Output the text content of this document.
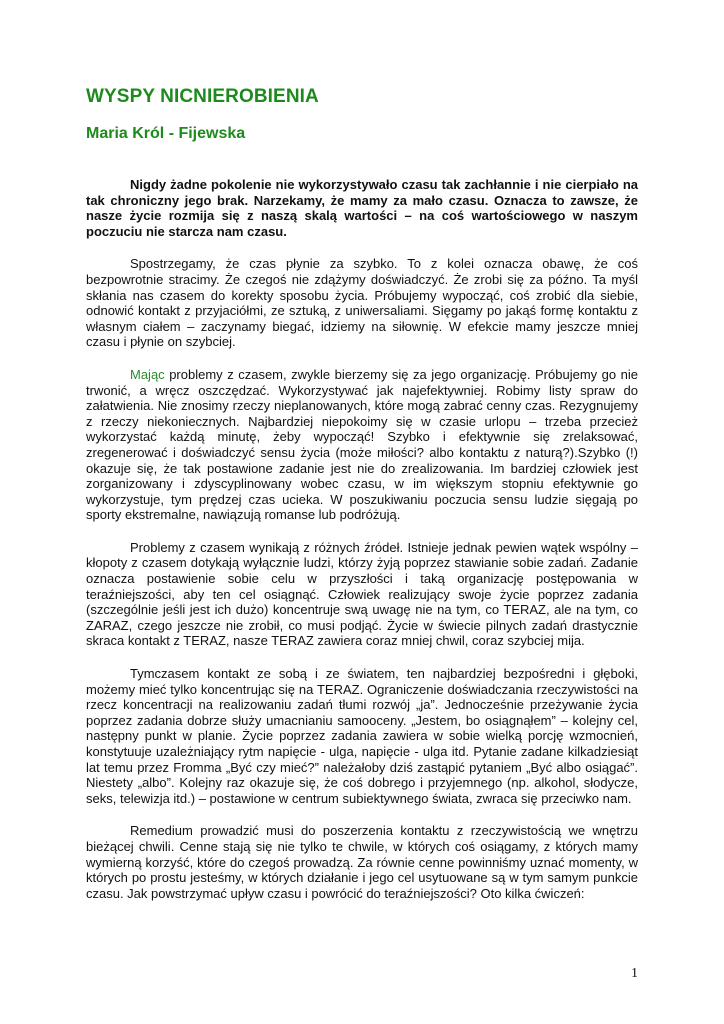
WYSPY NICNIEROBIENIA
Maria Król - Fijewska

Nigdy żadne pokolenie nie wykorzystywało czasu tak zachłannie i nie cierpiało na tak chroniczny jego brak. Narzekamy, że mamy za mało czasu. Oznacza to zawsze, że nasze życie rozmija się z naszą skalą wartości – na coś wartościowego w naszym poczuciu nie starcza nam czasu.

Spostrzegamy, że czas płynie za szybko. To z kolei oznacza obawę, że coś bezpowrotnie stracimy. Że czegoś nie zdążymy doświadczyć. Że zrobi się za późno. Ta myśl skłania nas czasem do korekty sposobu życia. Próbujemy wypocząć, coś zrobić dla siebie, odnowić kontakt z przyjaciółmi, ze sztuką, z uniwersaliami. Sięgamy po jakąś formę kontaktu z własnym ciałem – zaczynamy biegać, idziemy na siłownię. W efekcie mamy jeszcze mniej czasu i płynie on szybciej.

Mając problemy z czasem, zwykle bierzemy się za jego organizację. Próbujemy go nie trwonić, a wręcz oszczędzać. Wykorzystywać jak najefektywniej. Robimy listy spraw do załatwienia. Nie znosimy rzeczy nieplanowanych, które mogą zabrać cenny czas. Rezygnujemy z rzeczy niekoniecznych. Najbardziej niepokoimy się w czasie urlopu – trzeba przecież wykorzystać każdą minutę, żeby wypocząć! Szybko i efektywnie się zrelaksować, zregenerować i doświadczyć sensu życia (może miłości? albo kontaktu z naturą?).Szybko (!) okazuje się, że tak postawione zadanie jest nie do zrealizowania. Im bardziej człowiek jest zorganizowany i zdyscyplinowany wobec czasu, w im większym stopniu efektywnie go wykorzystuje, tym prędzej czas ucieka. W poszukiwaniu poczucia sensu ludzie sięgają po sporty ekstremalne, nawiązują romanse lub podróżują.

Problemy z czasem wynikają z różnych źródeł. Istnieje jednak pewien wątek wspólny – kłopoty z czasem dotykają wyłącznie ludzi, którzy żyją poprzez stawianie sobie zadań. Zadanie oznacza postawienie sobie celu w przyszłości i taką organizację postępowania w teraźniejszości, aby ten cel osiągnąć. Człowiek realizujący swoje życie poprzez zadania (szczególnie jeśli jest ich dużo) koncentruje swą uwagę nie na tym, co TERAZ, ale na tym, co ZARAZ, czego jeszcze nie zrobił, co musi podjąć. Życie w świecie pilnych zadań drastycznie skraca kontakt z TERAZ, nasze TERAZ zawiera coraz mniej chwil, coraz szybciej mija.

Tymczasem kontakt ze sobą i ze światem, ten najbardziej bezpośredni i głęboki, możemy mieć tylko koncentrując się na TERAZ. Ograniczenie doświadczania rzeczywistości na rzecz koncentracji na realizowaniu zadań tłumi rozwój „ja”. Jednocześnie przeżywanie życia poprzez zadania dobrze służy umacnianiu samooceny. „Jestem, bo osiągnąłem” – kolejny cel, następny punkt w planie. Życie poprzez zadania zawiera w sobie wielką porcję wzmocnień, konstytuuje uzależniający rytm napięcie - ulga, napięcie - ulga itd. Pytanie zadane kilkadziesiąt lat temu przez Fromma „Być czy mieć?” należałoby dziś zastąpić pytaniem „Być albo osiągać”. Niestety „albo”. Kolejny raz okazuje się, że coś dobrego i przyjemnego (np. alkohol, słodycze, seks, telewizja itd.) – postawione w centrum subiektywnego świata, zwraca się przeciwko nam.

Remedium prowadzić musi do poszerzenia kontaktu z rzeczywistością we wnętrzu bieżącej chwili. Cenne stają się nie tylko te chwile, w których coś osiągamy, z których mamy wymierną korzyść, które do czegoś prowadzą. Za równie cenne powinniśmy uznać momenty, w których po prostu jesteśmy, w których działanie i jego cel usytuowane są w tym samym punkcie czasu. Jak powstrzymać upływ czasu i powrócić do teraźniejszości? Oto kilka ćwiczeń:

1
